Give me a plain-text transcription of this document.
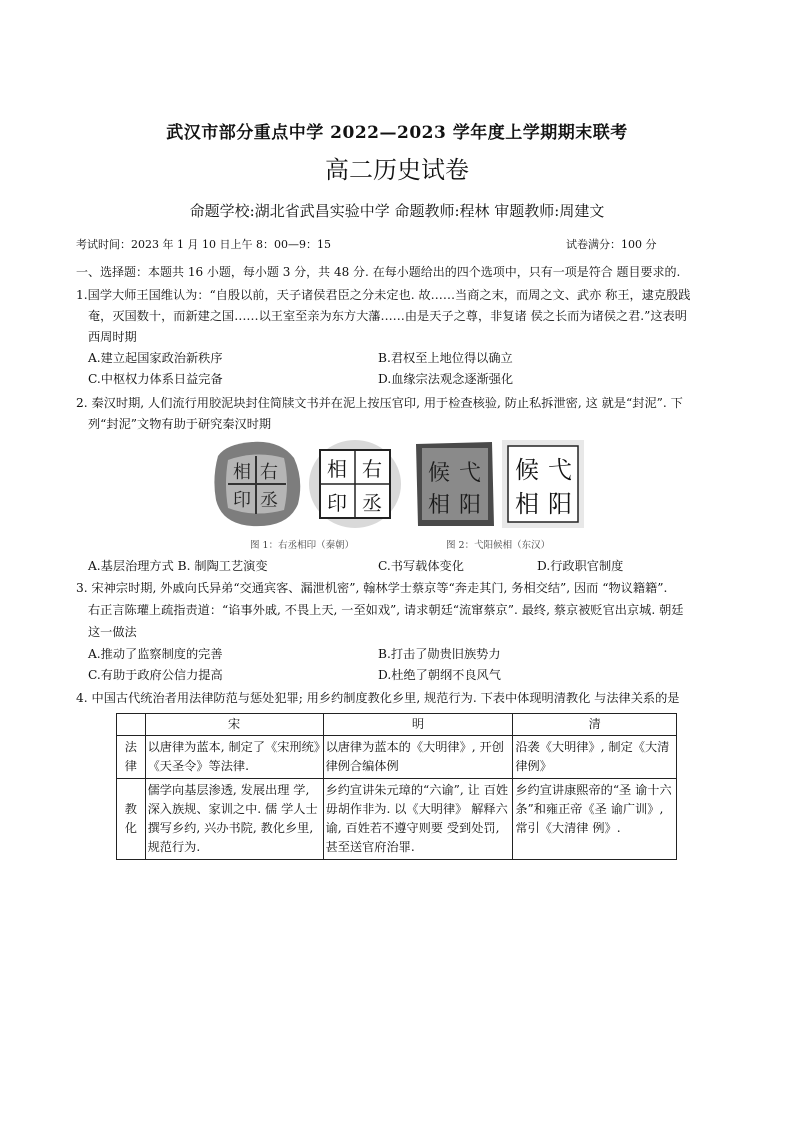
武汉市部分重点中学 2022—2023 学年度上学期期末联考
高二历史试卷
命题学校:湖北省武昌实验中学 命题教师:程林 审题教师:周建文
考试时间：2023 年 1 月 10 日上午 8：00—9：15	试卷满分：100 分
一、选择题：本题共 16 小题，每小题 3 分，共 48 分. 在每小题给出的四个选项中，只有一项是符合 题目要求的.
1.国学大师王国维认为：“自殷以前，天子诸侯君臣之分未定也. 故……当商之末，而周之文、武亦 称王，逮克殷践
奄，灭国数十，而新建之国……以王室至亲为东方大藩……由是天子之尊，非复诸 侯之长而为诸侯之君.”这表明
西周时期
A.建立起国家政治新秩序	B.君权至上地位得以确立
C.中枢权力体系日益完备	D.血缘宗法观念逐渐强化
2. 秦汉时期, 人们流行用胶泥块封住简牍文书并在泥上按压官印, 用于检查核验, 防止私拆泄密, 这 就是“封泥”. 下
列“封泥”文物有助于研究秦汉时期
右
丞
相
印
右
丞
相
印
弋
阳
候
相
弋
阳
候
相
图 1：右丞相印（秦朝）	图 2：弋阳候相（东汉）
A.基层治理方式 B. 制陶工艺演变	C.书写载体变化	D.行政职官制度
3. 宋神宗时期, 外戚向氏异弟“交通宾客、漏泄机密”, 翰林学士蔡京等“奔走其门, 务相交结”, 因而 “物议籍籍”.
右正言陈瓘上疏指责道：“谄事外戚, 不畏上天, 一至如戏”, 请求朝廷“流窜蔡京”. 最终, 蔡京被贬官出京城. 朝廷
这一做法
A.推动了监察制度的完善	B.打击了勋贵旧族势力
C.有助于政府公信力提高	D.杜绝了朝纲不良风气
4. 中国古代统治者用法律防范与惩处犯罪; 用乡约制度教化乡里, 规范行为. 下表中体现明清教化 与法律关系的是
	宋	明	清
法律	以唐律为蓝本, 制定了《宋刑统》《天圣令》等法律.	以唐律为蓝本的《大明律》, 开创律例合编体例	沿袭《大明律》, 制定《大清律例》
教化	儒学向基层渗透, 发展出理 学, 深入族规、家训之中. 儒 学人士撰写乡约, 兴办书院, 教化乡里, 规范行为.	乡约宣讲朱元璋的“六谕”, 让 百姓毋胡作非为. 以《大明律》 解释六谕, 百姓若不遵守则要 受到处罚, 甚至送官府治罪.	乡约宣讲康熙帝的“圣 谕十六条”和雍正帝《圣 谕广训》, 常引《大清律 例》.
